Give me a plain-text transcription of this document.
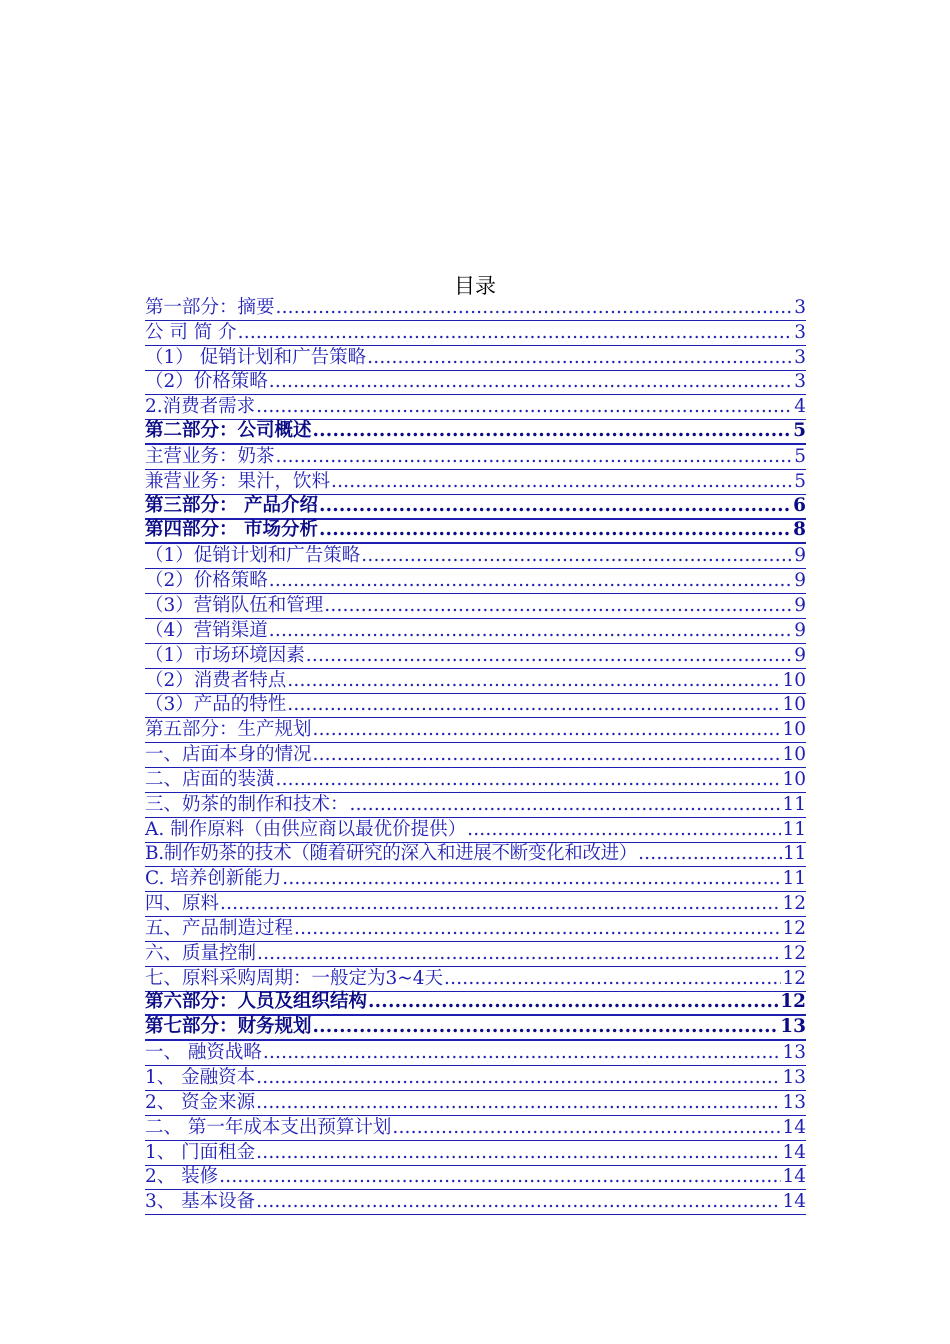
目录
第一部分：摘要 .....	3
公 司 简 介 .....	3
（1） 促销计划和广告策略 .....	3
（2）价格策略 .....	3
2.消费者需求 .....	4
第二部分：公司概述 .....	5
主营业务：奶茶 .....	5
兼营业务：果汁，饮料 .....	5
第三部分： 产品介绍 .....	6
第四部分： 市场分析 .....	8
（1）促销计划和广告策略 .....	9
（2）价格策略 .....	9
（3）营销队伍和管理 .....	9
（4）营销渠道 .....	9
（1）市场环境因素 .....	9
（2）消费者特点 .....	10
（3）产品的特性 .....	10
第五部分：生产规划 .....	10
一、店面本身的情况 .....	10
二、店面的装潢 .....	10
三、奶茶的制作和技术： .....	11
A. 制作原料（由供应商以最优价提供） .....	11
B.制作奶茶的技术（随着研究的深入和进展不断变化和改进） .....	11
C. 培养创新能力 .....	11
四、原料 .....	12
五、产品制造过程 .....	12
六、质量控制 .....	12
七、原料采购周期：一般定为3~4天 .....	12
第六部分：人员及组织结构 .....	12
第七部分：财务规划 .....	13
一、 融资战略 .....	13
1、 金融资本 .....	13
2、 资金来源 .....	13
二、 第一年成本支出预算计划 .....	14
1、 门面租金 .....	14
2、 装修 .....	14
3、 基本设备 .....	14
